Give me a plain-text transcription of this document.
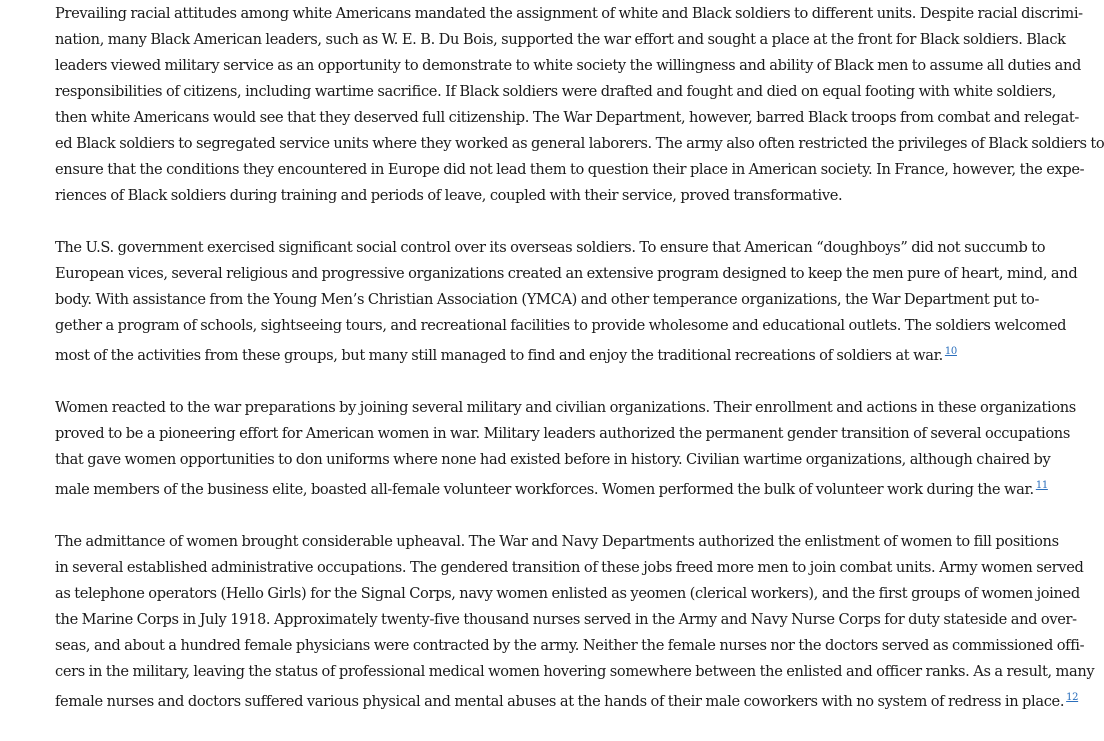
Prevailing racial attitudes among white Americans mandated the assignment of white and Black soldiers to different units. Despite racial discrimi-
nation, many Black American leaders, such as W. E. B. Du Bois, supported the war effort and sought a place at the front for Black soldiers. Black
leaders viewed military service as an opportunity to demonstrate to white society the willingness and ability of Black men to assume all duties and
responsibilities of citizens, including wartime sacrifice. If Black soldiers were drafted and fought and died on equal footing with white soldiers,
then white Americans would see that they deserved full citizenship. The War Department, however, barred Black troops from combat and relegat-
ed Black soldiers to segregated service units where they worked as general laborers. The army also often restricted the privileges of Black soldiers to
ensure that the conditions they encountered in Europe did not lead them to question their place in American society. In France, however, the expe-
riences of Black soldiers during training and periods of leave, coupled with their service, proved transformative.

The U.S. government exercised significant social control over its overseas soldiers. To ensure that American “doughboys” did not succumb to
European vices, several religious and progressive organizations created an extensive program designed to keep the men pure of heart, mind, and
body. With assistance from the Young Men’s Christian Association (YMCA) and other temperance organizations, the War Department put to-
gether a program of schools, sightseeing tours, and recreational facilities to provide wholesome and educational outlets. The soldiers welcomed
most of the activities from these groups, but many still managed to find and enjoy the traditional recreations of soldiers at war. $^{10}$

Women reacted to the war preparations by joining several military and civilian organizations. Their enrollment and actions in these organizations
proved to be a pioneering effort for American women in war. Military leaders authorized the permanent gender transition of several occupations
that gave women opportunities to don uniforms where none had existed before in history. Civilian wartime organizations, although chaired by
male members of the business elite, boasted all-female volunteer workforces. Women performed the bulk of volunteer work during the war. $^{11}$

The admittance of women brought considerable upheaval. The War and Navy Departments authorized the enlistment of women to fill positions
in several established administrative occupations. The gendered transition of these jobs freed more men to join combat units. Army women served
as telephone operators (Hello Girls) for the Signal Corps, navy women enlisted as yeomen (clerical workers), and the first groups of women joined
the Marine Corps in July 1918. Approximately twenty-five thousand nurses served in the Army and Navy Nurse Corps for duty stateside and over-
seas, and about a hundred female physicians were contracted by the army. Neither the female nurses nor the doctors served as commissioned offi-
cers in the military, leaving the status of professional medical women hovering somewhere between the enlisted and officer ranks. As a result, many
female nurses and doctors suffered various physical and mental abuses at the hands of their male coworkers with no system of redress in place. $^{12}$
